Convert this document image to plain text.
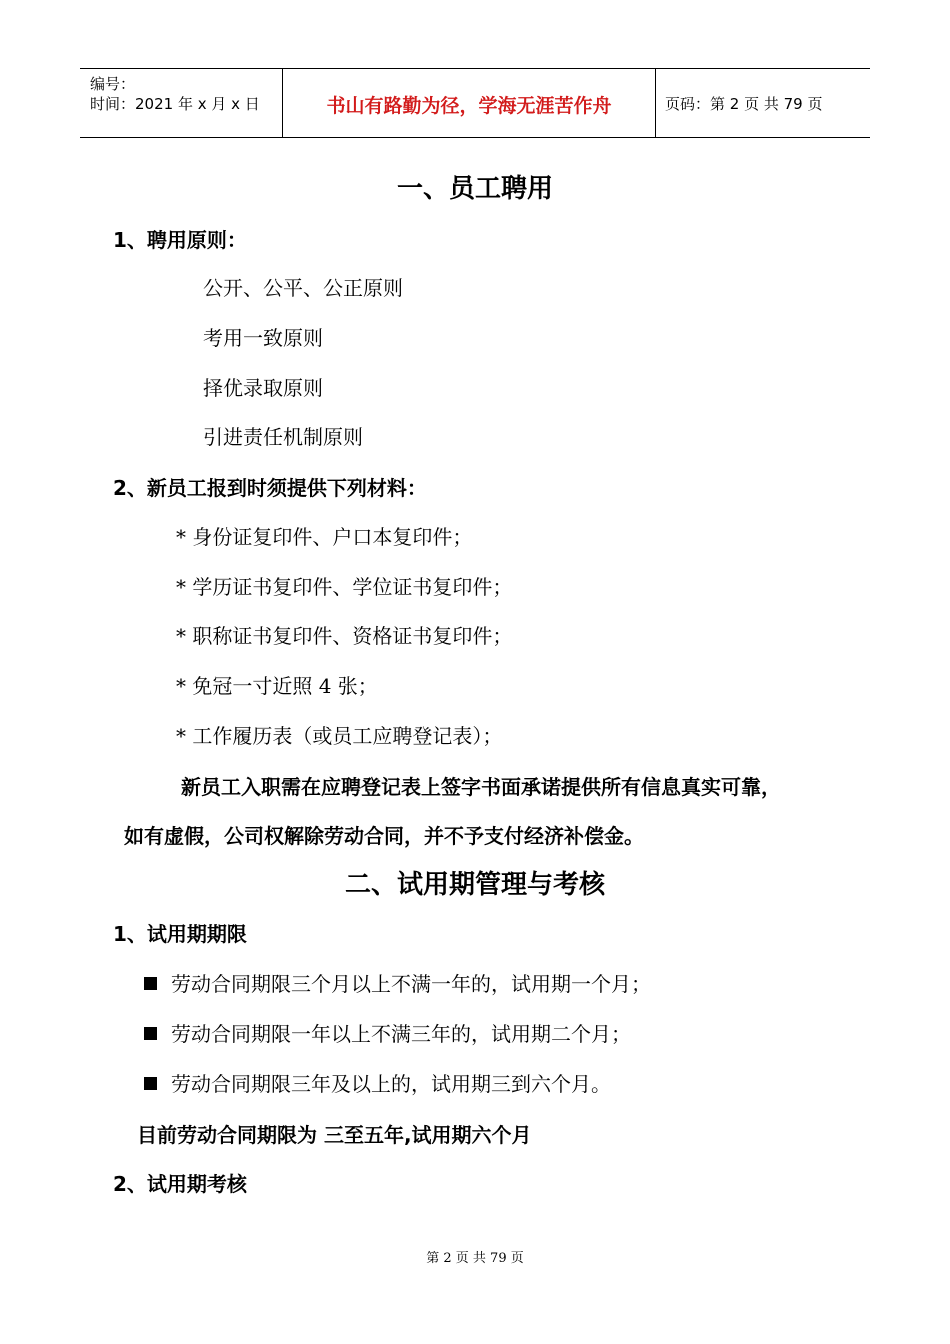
编号：
时间：2021 年 x 月 x 日	书山有路勤为径，学海无涯苦作舟	页码：第 2 页 共 79 页
一、员工聘用
1、聘用原则：
公开、公平、公正原则
考用一致原则
择优录取原则
引进责任机制原则
2、新员工报到时须提供下列材料：
* 身份证复印件、户口本复印件；
* 学历证书复印件、学位证书复印件；
* 职称证书复印件、资格证书复印件；
* 免冠一寸近照 4 张；
* 工作履历表（或员工应聘登记表）；
新员工入职需在应聘登记表上签字书面承诺提供所有信息真实可靠，
如有虚假，公司权解除劳动合同，并不予支付经济补偿金。
二、试用期管理与考核
1、试用期期限
劳动合同期限三个月以上不满一年的，试用期一个月；
劳动合同期限一年以上不满三年的，试用期二个月；
劳动合同期限三年及以上的，试用期三到六个月。
目前劳动合同期限为 三至五年,试用期六个月
2、试用期考核
第 2 页 共 79 页
